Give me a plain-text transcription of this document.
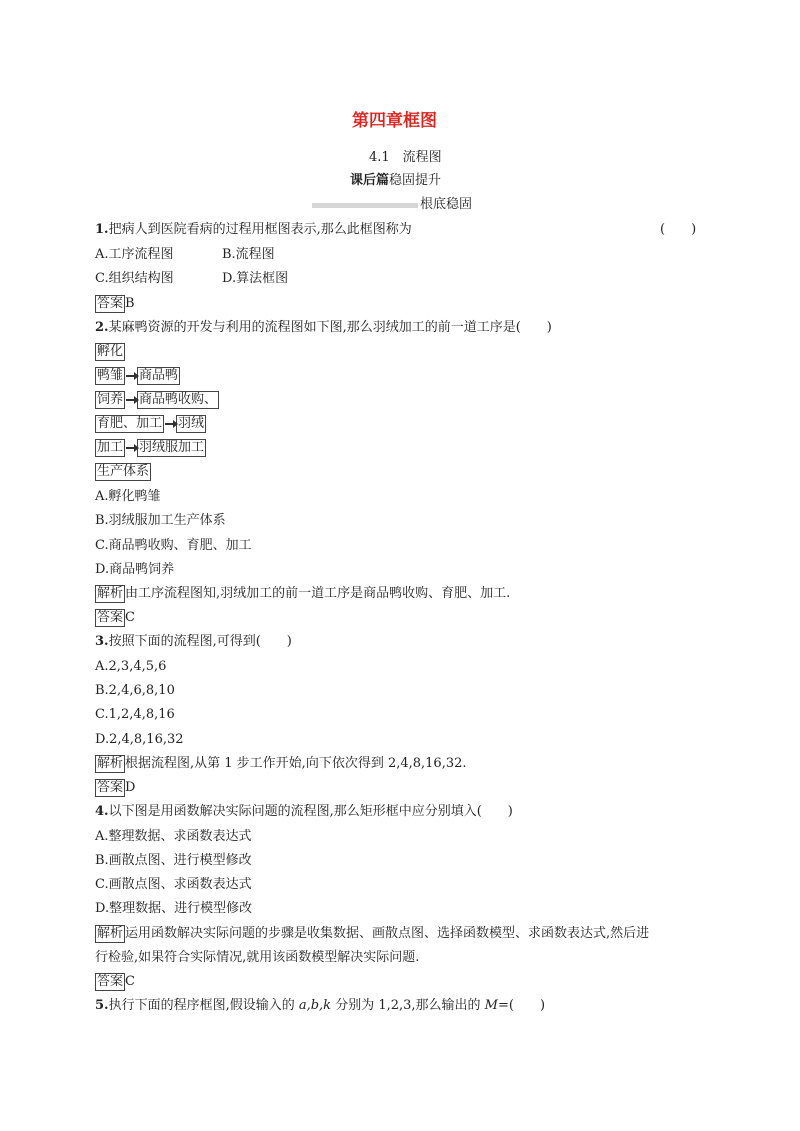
第四章框图
4.1　流程图
课后篇稳固提升
根底稳固
1.把病人到医院看病的过程用框图表示,那么此框图称为	(　　)
A.工序流程图	B.流程图
C.组织结构图	D.算法框图
答案 B
2.某麻鸭资源的开发与利用的流程图如下图,那么羽绒加工的前一道工序是(　　)
孵化
鸭雏 商品鸭
饲养 商品鸭收购、
育肥、加工 羽绒
加工 羽绒服加工
生产体系
A.孵化鸭雏
B.羽绒服加工生产体系
C.商品鸭收购、育肥、加工
D.商品鸭饲养
解析 由工序流程图知,羽绒加工的前一道工序是商品鸭收购、育肥、加工.
答案 C
3.按照下面的流程图,可得到(　　)
A.2,3,4,5,6
B.2,4,6,8,10
C.1,2,4,8,16
D.2,4,8,16,32
解析 根据流程图,从第 1 步工作开始,向下依次得到 2,4,8,16,32.
答案 D
4.以下图是用函数解决实际问题的流程图,那么矩形框中应分别填入(　　)
A.整理数据、求函数表达式
B.画散点图、进行模型修改
C.画散点图、求函数表达式
D.整理数据、进行模型修改
解析 运用函数解决实际问题的步骤是收集数据、画散点图、选择函数模型、求函数表达式,然后进
行检验,如果符合实际情况,就用该函数模型解决实际问题.
答案 C
5.执行下面的程序框图,假设输入的 a,b,k 分别为 1,2,3,那么输出的 M=(　　)
